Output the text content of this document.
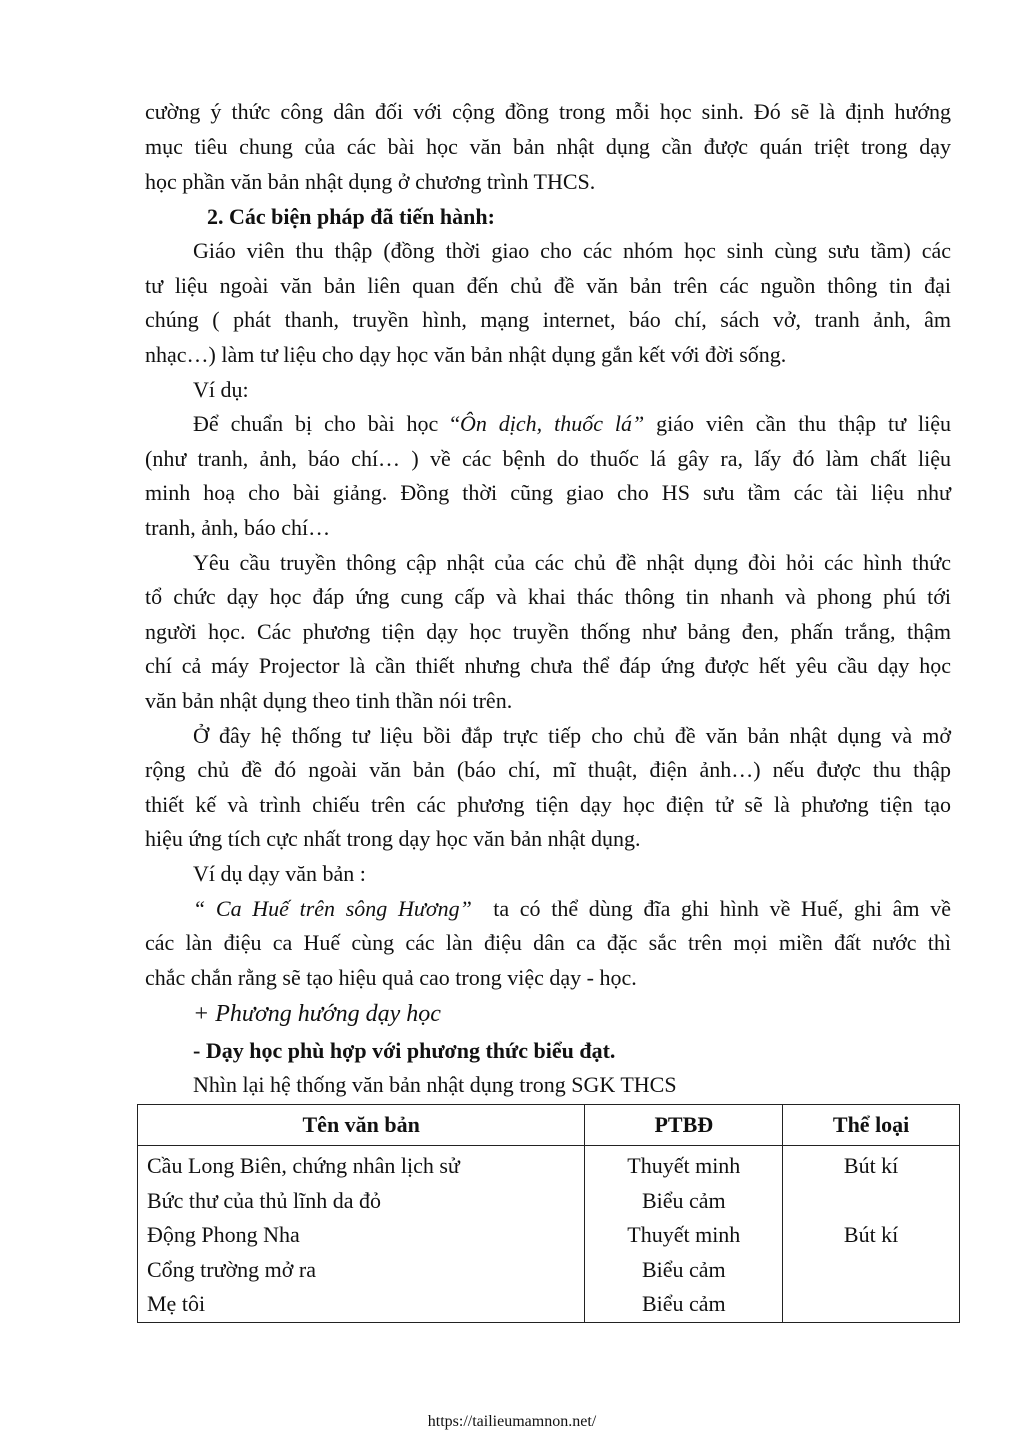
cường ý thức công dân đối với cộng đồng trong mỗi học sinh. Đó sẽ là định hướng
mục tiêu chung của các bài học văn bản nhật dụng cần được quán triệt trong dạy
học phần văn bản nhật dụng ở chương trình THCS.
2. Các biện pháp đã tiến hành:
Giáo viên thu thập (đồng thời giao cho các nhóm học sinh cùng sưu tầm) các
tư liệu ngoài văn bản liên quan đến chủ đề văn bản trên các nguồn thông tin đại
chúng ( phát thanh, truyền hình, mạng internet, báo chí, sách vở, tranh ảnh, âm
nhạc…) làm tư liệu cho dạy học văn bản nhật dụng gắn kết với đời sống.
Ví dụ:
Để chuẩn bị cho bài học “Ôn dịch, thuốc lá” giáo viên cần thu thập tư liệu
(như tranh, ảnh, báo chí… ) về các bệnh do thuốc lá gây ra, lấy đó làm chất liệu
minh hoạ cho bài giảng. Đồng thời cũng giao cho HS sưu tầm các tài liệu như
tranh, ảnh, báo chí…
Yêu cầu truyền thông cập nhật của các chủ đề nhật dụng đòi hỏi các hình thức
tổ chức dạy học đáp ứng cung cấp và khai thác thông tin nhanh và phong phú tới
người học. Các phương tiện dạy học truyền thống như bảng đen, phấn trắng, thậm
chí cả máy Projector là cần thiết nhưng chưa thể đáp ứng được hết yêu cầu dạy học
văn bản nhật dụng theo tinh thần nói trên.
Ở đây hệ thống tư liệu bồi đắp trực tiếp cho chủ đề văn bản nhật dụng và mở
rộng chủ đề đó ngoài văn bản (báo chí, mĩ thuật, điện ảnh…) nếu được thu thập
thiết kế và trình chiếu trên các phương tiện dạy học điện tử sẽ là phương tiện tạo
hiệu ứng tích cực nhất trong dạy học văn bản nhật dụng.
Ví dụ dạy văn bản :
“ Ca Huế trên sông Hương”  ta có thể dùng đĩa ghi hình về Huế, ghi âm về
các làn điệu ca Huế cùng các làn điệu dân ca đặc sắc trên mọi miền đất nước thì
chắc chắn rằng sẽ tạo hiệu quả cao trong việc dạy - học.
+ Phương hướng dạy học
- Dạy học phù hợp với phương thức biểu đạt.
Nhìn lại hệ thống văn bản nhật dụng trong SGK THCS
Tên văn bản	PTBĐ	Thể loại
Cầu Long Biên, chứng nhân lịch sử	Thuyết minh	Bút kí
Bức thư của thủ lĩnh da đỏ	Biểu cảm	
Động Phong Nha	Thuyết minh	Bút kí
Cổng trường mở ra	Biểu cảm	
Mẹ tôi	Biểu cảm	
https://tailieumamnon.net/
